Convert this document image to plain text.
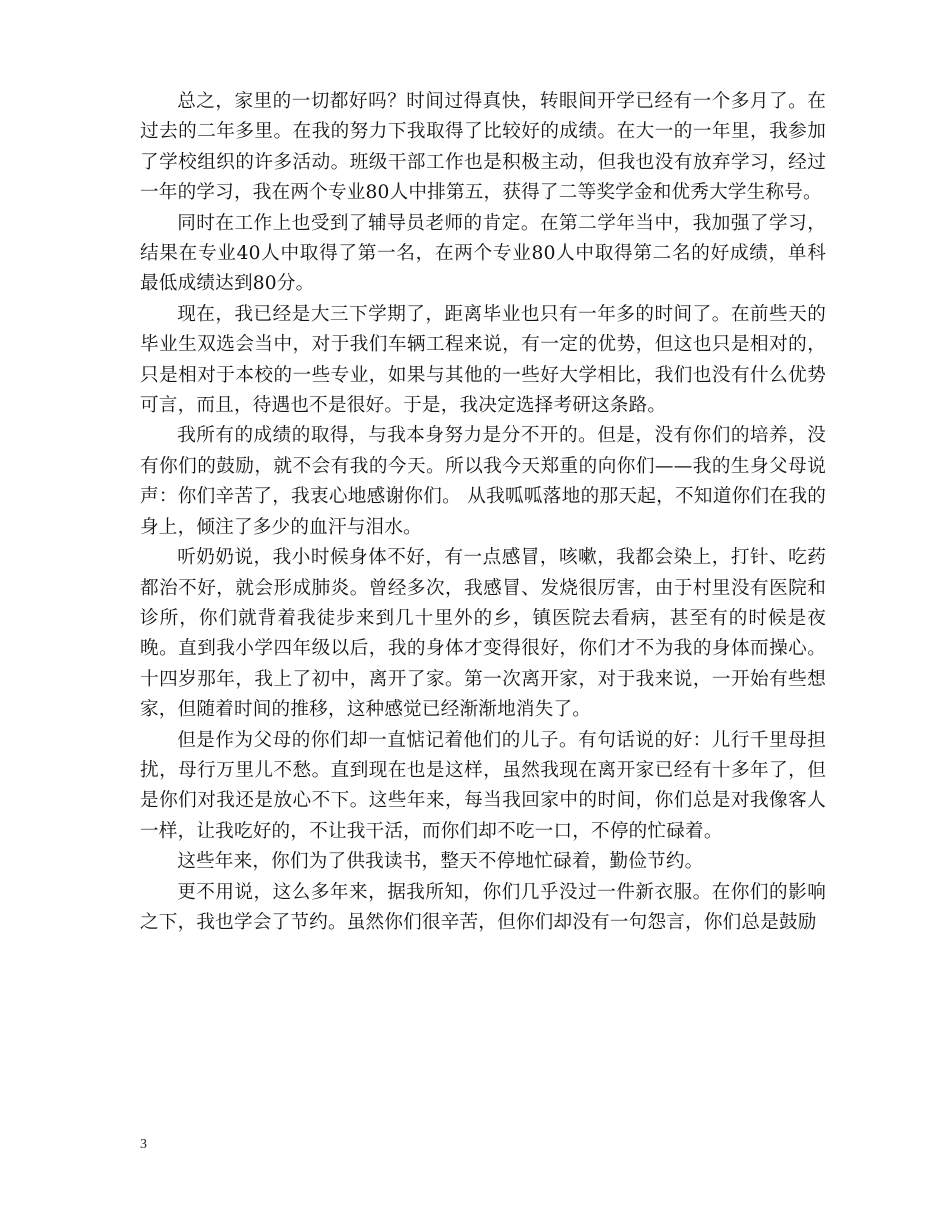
总之，家里的一切都好吗？时间过得真快，转眼间开学已经有一个多月了。在过去的二年多里。在我的努力下我取得了比较好的成绩。在大一的一年里，我参加了学校组织的许多活动。班级干部工作也是积极主动，但我也没有放弃学习，经过一年的学习，我在两个专业80人中排第五，获得了二等奖学金和优秀大学生称号。

同时在工作上也受到了辅导员老师的肯定。在第二学年当中，我加强了学习，结果在专业40人中取得了第一名，在两个专业80人中取得第二名的好成绩，单科最低成绩达到80分。

现在，我已经是大三下学期了，距离毕业也只有一年多的时间了。在前些天的毕业生双选会当中，对于我们车辆工程来说，有一定的优势，但这也只是相对的，只是相对于本校的一些专业，如果与其他的一些好大学相比，我们也没有什么优势可言，而且，待遇也不是很好。于是，我决定选择考研这条路。

我所有的成绩的取得，与我本身努力是分不开的。但是，没有你们的培养，没有你们的鼓励，就不会有我的今天。所以我今天郑重的向你们——我的生身父母说声：你们辛苦了，我衷心地感谢你们。 从我呱呱落地的那天起，不知道你们在我的身上，倾注了多少的血汗与泪水。

听奶奶说，我小时候身体不好，有一点感冒，咳嗽，我都会染上，打针、吃药都治不好，就会形成肺炎。曾经多次，我感冒、发烧很厉害，由于村里没有医院和诊所，你们就背着我徒步来到几十里外的乡，镇医院去看病，甚至有的时候是夜晚。直到我小学四年级以后，我的身体才变得很好，你们才不为我的身体而操心。 十四岁那年，我上了初中，离开了家。第一次离开家，对于我来说，一开始有些想家，但随着时间的推移，这种感觉已经渐渐地消失了。

但是作为父母的你们却一直惦记着他们的儿子。有句话说的好：儿行千里母担扰，母行万里儿不愁。直到现在也是这样，虽然我现在离开家已经有十多年了，但是你们对我还是放心不下。这些年来，每当我回家中的时间，你们总是对我像客人一样，让我吃好的，不让我干活，而你们却不吃一口，不停的忙碌着。

这些年来，你们为了供我读书，整天不停地忙碌着，勤俭节约。

更不用说，这么多年来，据我所知，你们几乎没过一件新衣服。在你们的影响之下，我也学会了节约。虽然你们很辛苦，但你们却没有一句怨言，你们总是鼓励

3
